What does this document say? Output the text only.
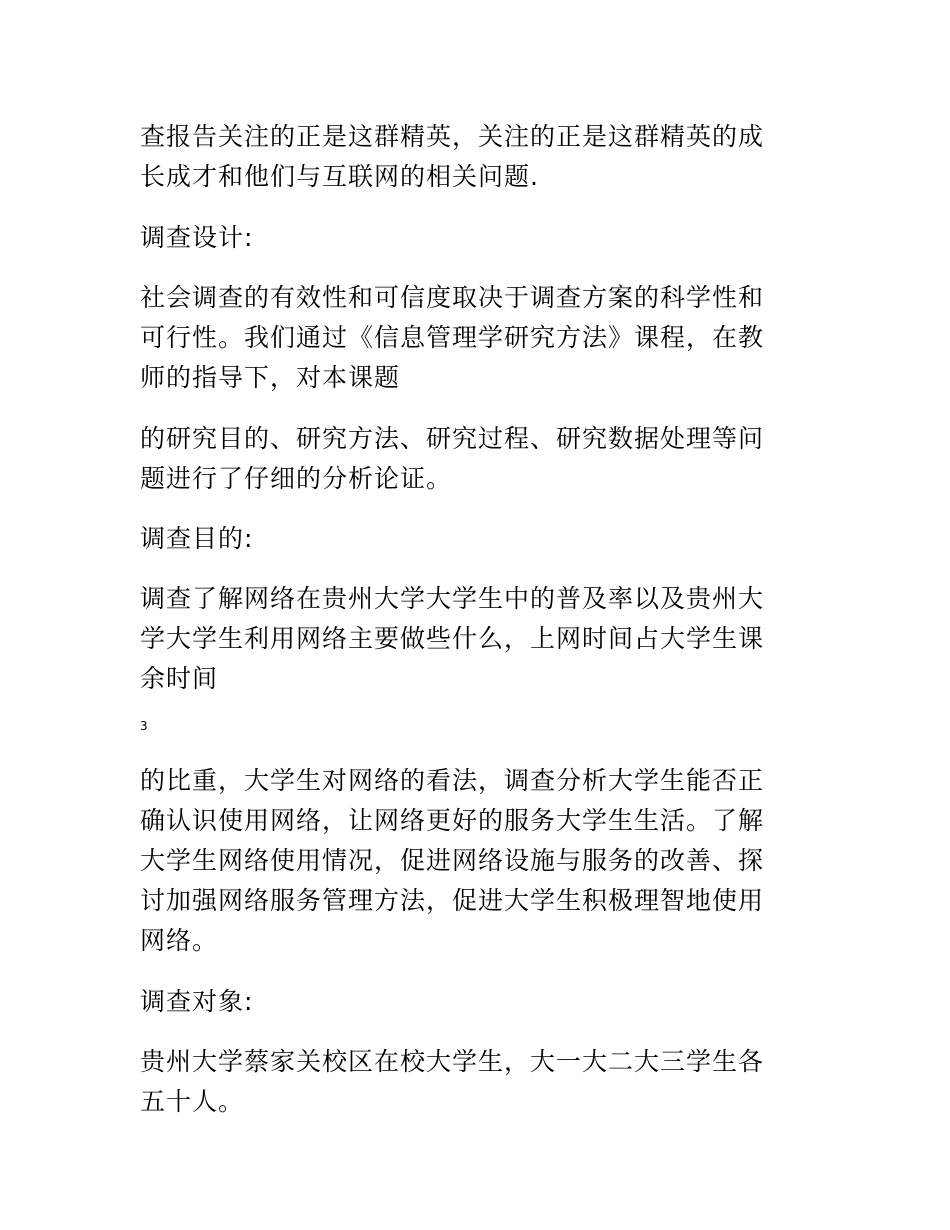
查报告关注的正是这群精英，关注的正是这群精英的成
长成才和他们与互联网的相关问题.
调查设计:
社会调查的有效性和可信度取决于调查方案的科学性和
可行性。我们通过《信息管理学研究方法》课程，在教
师的指导下，对本课题
的研究目的、研究方法、研究过程、研究数据处理等问
题进行了仔细的分析论证。
调查目的:
调查了解网络在贵州大学大学生中的普及率以及贵州大
学大学生利用网络主要做些什么，上网时间占大学生课
余时间
3
的比重，大学生对网络的看法，调查分析大学生能否正
确认识使用网络，让网络更好的服务大学生生活。了解
大学生网络使用情况，促进网络设施与服务的改善、探
讨加强网络服务管理方法，促进大学生积极理智地使用
网络。
调查对象:
贵州大学蔡家关校区在校大学生，大一大二大三学生各
五十人。
